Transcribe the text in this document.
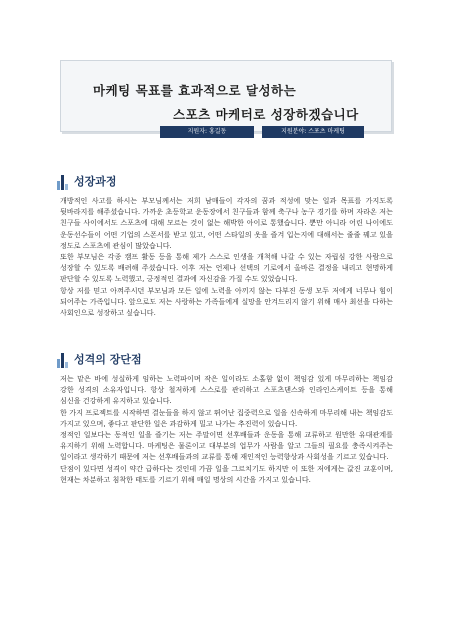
마케팅 목표를 효과적으로 달성하는
스포츠 마케터로 성장하겠습니다
지원자: 홍길동	지원분야: 스포츠 마케팅
성장과정

개방적인 사고를 하시는 부모님께서는 저희 남매들이 각자의 꿈과 적성에 맞는 일과 목표를 가지도록 뒷바라지를 해주셨습니다. 가까운 초등학교 운동장에서 친구들과 함께 축구나 농구 경기를 하며 자라온 저는 친구들 사이에서도 스포츠에 대해 모르는 것이 없는 해박한 아이로 통했습니다. 뿐만 아니라 어린 나이에도 운동선수들이 어떤 기업의 스폰서를 받고 있고, 어떤 스타일의 옷을 즐겨 입는지에 대해서는 줄줄 꿰고 있을 정도로 스포츠에 관심이 많았습니다.

또한 부모님은 각종 캠프 활동 등을 통해 제가 스스로 인생을 개척해 나갈 수 있는 자립심 강한 사람으로 성장할 수 있도록 배려해 주셨습니다. 이후 저는 언제나 선택의 기로에서 올바른 결정을 내리고 현명하게 판단할 수 있도록 노력했고, 긍정적인 결과에 자신감을 가질 수도 있었습니다.

항상 저를 믿고 아껴주시던 부모님과 모든 일에 노력을 아끼지 않는 다부진 동생 모두 저에게 너무나 힘이 되어주는 가족입니다. 앞으로도 저는 사랑하는 가족들에게 실망을 안겨드리지 않기 위해 매사 최선을 다하는 사회인으로 성장하고 싶습니다.

성격의 장단점

저는 맡은 바에 성실하게 임하는 노력파이며 작은 일이라도 소홀함 없이 책임감 있게 마무리하는 책임감 강한 성격의 소유자입니다. 항상 철저하게 스스로를 관리하고 스포츠댄스와 인라인스케이트 등을 통해 심신을 건강하게 유지하고 있습니다.

한 가지 프로젝트를 시작하면 결눈들을 하지 않고 뛰어난 집중력으로 일을 신속하게 마무리해 내는 책임감도 가지고 있으며, 좋다고 판단한 일은 과감하게 밀고 나가는 추진력이 있습니다.

정적인 일보다는 동적인 일을 즐기는 저는 주말이면 선후배들과 운동을 통해 교류하고 원만한 유대관계를 유지하기 위해 노력합니다. 마케팅은 물론이고 대부분의 업무가 사람을 알고 그들의 필요를 충족시켜주는 일이라고 생각하기 때문에 저는 선후배들과의 교류를 통해 재인적인 능력향상과 사회성을 기르고 있습니다.

단점이 있다면 성격이 약간 급하다는 것인데 가끔 일을 그르치기도 하지만 이 또한 저에게는 값진 교훈이며, 현재는 차분하고 침착한 태도를 기르기 위해 매일 명상의 시간을 가지고 있습니다.
